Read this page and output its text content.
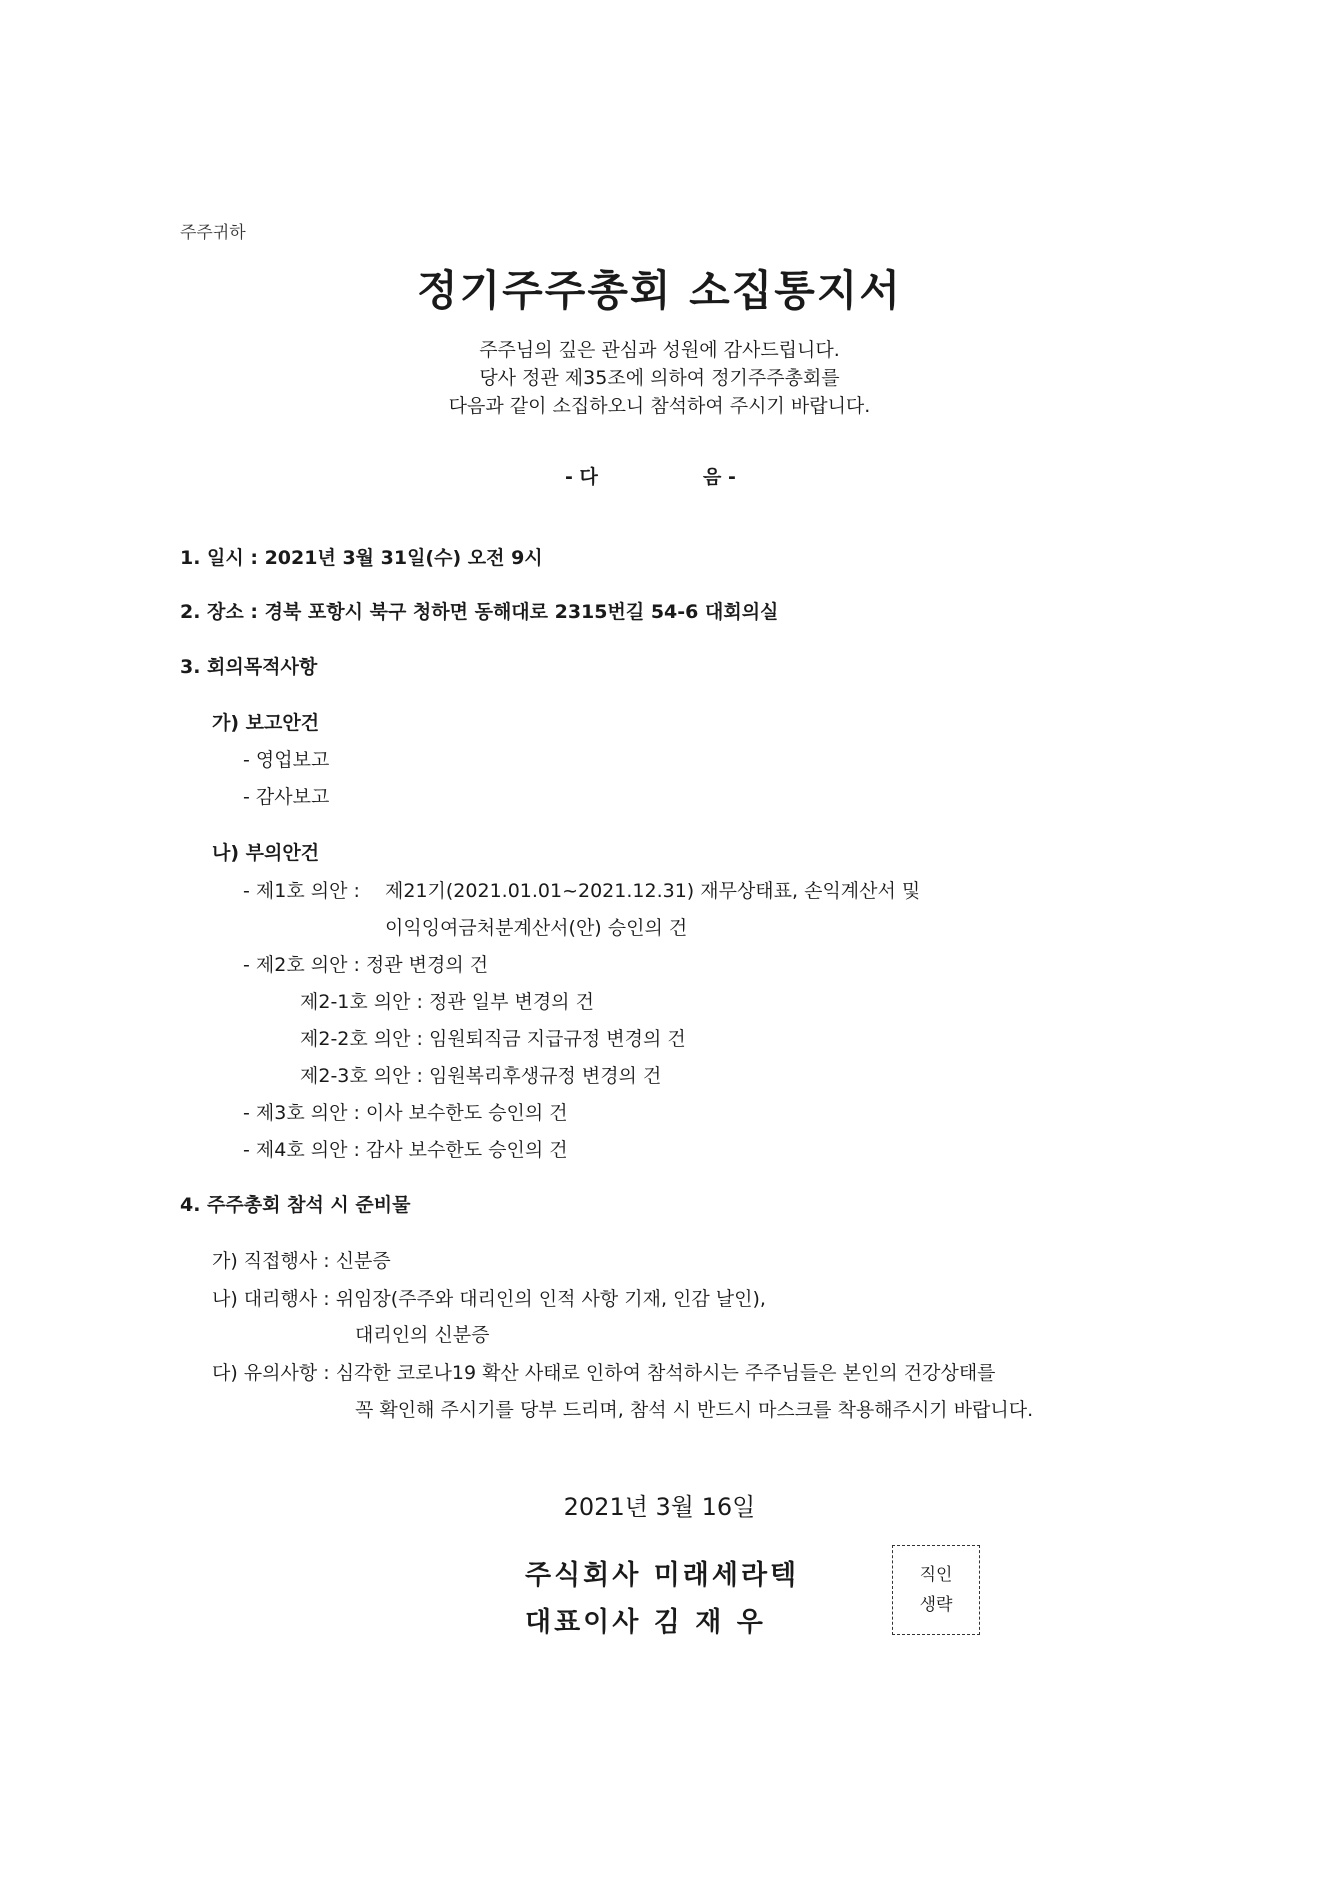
주주귀하
정기주주총회 소집통지서
주주님의 깊은 관심과 성원에 감사드립니다.
당사 정관 제35조에 의하여 정기주주총회를
다음과 같이 소집하오니 참석하여 주시기 바랍니다.
- 다	음 -
1. 일시 : 2021년 3월 31일(수) 오전 9시
2. 장소 : 경북 포항시 북구 청하면 동해대로 2315번길 54-6 대회의실
3. 회의목적사항
가) 보고안건
- 영업보고
- 감사보고
나) 부의안건
- 제1호 의안 : 제21기(2021.01.01~2021.12.31) 재무상태표, 손익계산서 및
이익잉여금처분계산서(안) 승인의 건
- 제2호 의안 : 정관 변경의 건
제2-1호 의안 : 정관 일부 변경의 건
제2-2호 의안 : 임원퇴직금 지급규정 변경의 건
제2-3호 의안 : 임원복리후생규정 변경의 건
- 제3호 의안 : 이사 보수한도 승인의 건
- 제4호 의안 : 감사 보수한도 승인의 건
4. 주주총회 참석 시 준비물
가) 직접행사 : 신분증
나) 대리행사 : 위임장(주주와 대리인의 인적 사항 기재, 인감 날인),
대리인의 신분증
다) 유의사항 : 심각한 코로나19 확산 사태로 인하여 참석하시는 주주님들은 본인의 건강상태를
꼭 확인해 주시기를 당부 드리며, 참석 시 반드시 마스크를 착용해주시기 바랍니다.
2021년 3월 16일
주식회사 미래세라텍
대표이사 김 재 우
직인
생략
